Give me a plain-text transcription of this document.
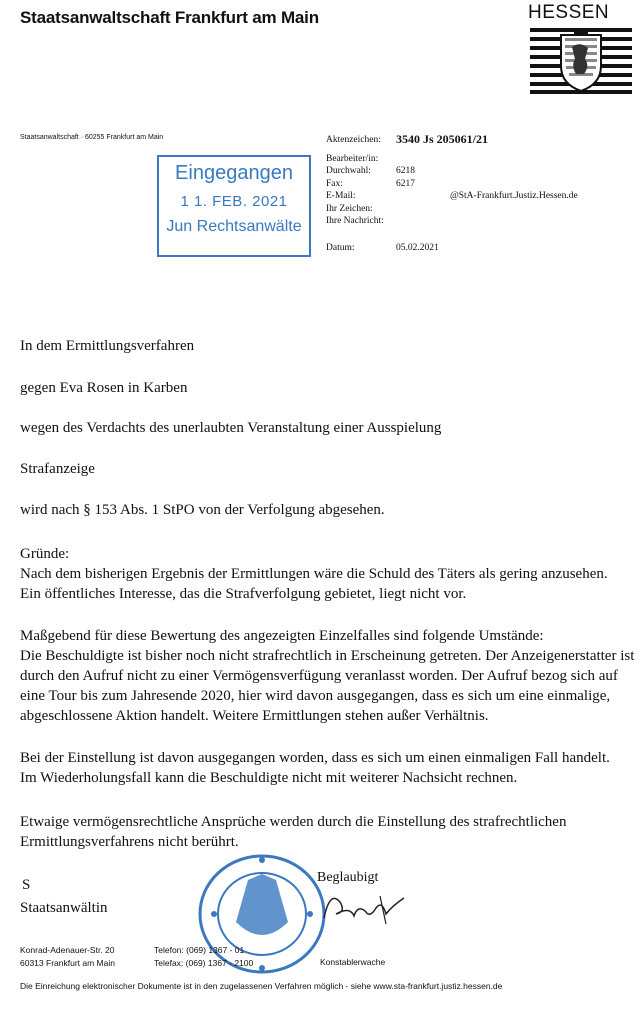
Staatsanwaltschaft Frankfurt am Main	HESSEN
Staatsanwaltschaft · 60255 Frankfurt am Main	Aktenzeichen:	3540 Js 205061/21
Bearbeiter/in:
Durchwahl:	6218
Fax:	6217
E-Mail:	@StA-Frankfurt.Justiz.Hessen.de
Ihr Zeichen:
Ihre Nachricht:
Datum:	05.02.2021
Eingegangen
1 1. FEB. 2021
Jun Rechtsanwälte
In dem Ermittlungsverfahren
gegen Eva Rosen in Karben
wegen des Verdachts des unerlaubten Veranstaltung einer Ausspielung
Strafanzeige
wird nach § 153 Abs. 1 StPO von der Verfolgung abgesehen.
Gründe:
Nach dem bisherigen Ergebnis der Ermittlungen wäre die Schuld des Täters als gering anzusehen. Ein öffentliches Interesse, das die Strafverfolgung gebietet, liegt nicht vor.
Maßgebend für diese Bewertung des angezeigten Einzelfalles sind folgende Umstände:
Die Beschuldigte ist bisher noch nicht strafrechtlich in Erscheinung getreten. Der Anzeigenerstatter ist durch den Aufruf nicht zu einer Vermögensverfügung veranlasst worden. Der Aufruf bezog sich auf eine Tour bis zum Jahresende 2020, hier wird davon ausgegangen, dass es sich um eine einmalige, abgeschlossene Aktion handelt. Weitere Ermittlungen stehen außer Verhältnis.
Bei der Einstellung ist davon ausgegangen worden, dass es sich um einen einmaligen Fall handelt. Im Wiederholungsfall kann die Beschuldigte nicht mit weiterer Nachsicht rechnen.
Etwaige vermögensrechtliche Ansprüche werden durch die Einstellung des strafrechtlichen Ermittlungsverfahrens nicht berührt.
S
Staatsanwältin
Beglaubigt
Konrad-Adenauer-Str. 20
60313 Frankfurt am Main
Telefon: (069) 1367 - 01
Telefax: (069) 1367 - 2100	Konstablerwache
Die Einreichung elektronischer Dokumente ist in den zugelassenen Verfahren möglich - siehe www.sta-frankfurt.justiz.hessen.de
